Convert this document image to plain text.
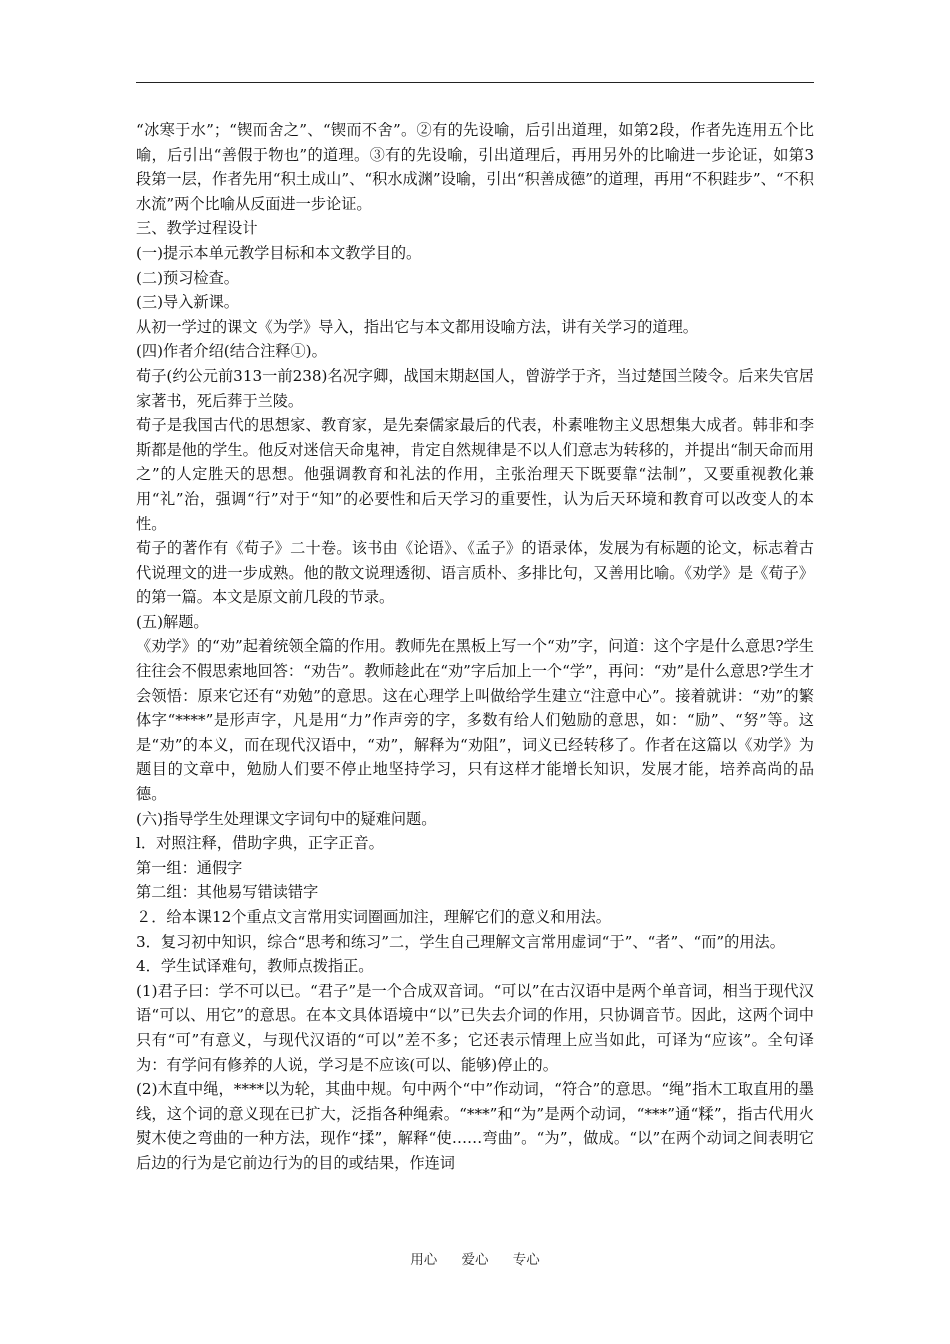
“冰寒于水”；“锲而舍之”、“锲而不舍”。②有的先设喻，后引出道理，如第2段，作者先连用五个比喻，后引出“善假于物也”的道理。③有的先设喻，引出道理后，再用另外的比喻进一步论证，如第3段第一层，作者先用“积土成山”、“积水成渊”设喻，引出“积善成德”的道理，再用“不积跬步”、“不积水流”两个比喻从反面进一步论证。

三、教学过程设计

(一)提示本单元教学目标和本文教学目的。

(二)预习检查。

(三)导入新课。

从初一学过的课文《为学》导入，指出它与本文都用设喻方法，讲有关学习的道理。

(四)作者介绍(结合注释①)。

荀子(约公元前313一前238)名况字卿，战国末期赵国人，曾游学于齐，当过楚国兰陵令。后来失官居家著书，死后葬于兰陵。

荀子是我国古代的思想家、教育家，是先秦儒家最后的代表，朴素唯物主义思想集大成者。韩非和李斯都是他的学生。他反对迷信天命鬼神，肯定自然规律是不以人们意志为转移的，并提出“制天命而用之”的人定胜天的思想。他强调教育和礼法的作用，主张治理天下既要靠“法制”，又要重视教化兼用“礼”治，强调“行”对于“知”的必要性和后天学习的重要性，认为后天环境和教育可以改变人的本性。

荀子的著作有《荀子》二十卷。该书由《论语》、《孟子》的语录体，发展为有标题的论文，标志着古代说理文的进一步成熟。他的散文说理透彻、语言质朴、多排比句，又善用比喻。《劝学》是《荀子》的第一篇。本文是原文前几段的节录。

(五)解题。

《劝学》的“劝”起着统领全篇的作用。教师先在黑板上写一个“劝”字，问道：这个字是什么意思?学生往往会不假思索地回答：“劝告”。教师趁此在“劝”字后加上一个“学”，再问：“劝”是什么意思?学生才会领悟：原来它还有“劝勉”的意思。这在心理学上叫做给学生建立“注意中心”。接着就讲：“劝”的繁体字“****”是形声字，凡是用“力”作声旁的字，多数有给人们勉励的意思，如：“励”、“努”等。这是“劝”的本义，而在现代汉语中，“劝”，解释为“劝阻”，词义已经转移了。作者在这篇以《劝学》为题目的文章中，勉励人们要不停止地坚持学习，只有这样才能增长知识，发展才能，培养高尚的品德。

(六)指导学生处理课文字词句中的疑难问题。

l．对照注释，借助字典，正字正音。

第一组：通假字

第二组：其他易写错读错字

２．给本课12个重点文言常用实词圈画加注，理解它们的意义和用法。

3．复习初中知识，综合“思考和练习”二，学生自己理解文言常用虚词“于”、“者”、“而”的用法。

4．学生试译难句，教师点拨指正。

(1)君子曰：学不可以已。“君子”是一个合成双音词。“可以”在古汉语中是两个单音词，相当于现代汉语“可以、用它”的意思。在本文具体语境中“以”已失去介词的作用，只协调音节。因此，这两个词中只有“可”有意义，与现代汉语的“可以”差不多；它还表示情理上应当如此，可译为“应该”。全句译为：有学问有修养的人说，学习是不应该(可以、能够)停止的。

(2)木直中绳，****以为轮，其曲中规。句中两个“中”作动词，“符合”的意思。“绳”指木工取直用的墨线，这个词的意义现在已扩大，泛指各种绳索。“***”和“为”是两个动词，“***”通“糅”，指古代用火熨木使之弯曲的一种方法，现作“揉”，解释“使……弯曲”。“为”，做成。“以”在两个动词之间表明它后边的行为是它前边行为的目的或结果，作连词

用心 爱心 专心
